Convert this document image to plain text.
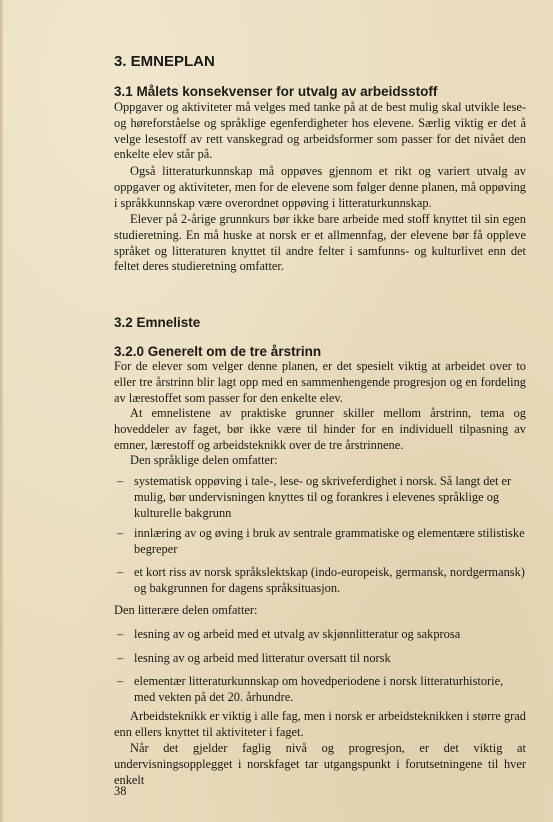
3. EMNEPLAN
3.1 Målets konsekvenser for utvalg av arbeidsstoff

Oppgaver og aktiviteter må velges med tanke på at de best mulig skal utvikle lese- og høreforståelse og språklige egenferdigheter hos elevene. Særlig viktig er det å velge lesestoff av rett vanskegrad og arbeidsformer som passer for det nivået den enkelte elev står på.

Også litteraturkunnskap må oppøves gjennom et rikt og variert utvalg av oppgaver og aktiviteter, men for de elevene som følger denne planen, må oppøving i språkkunnskap være overordnet oppøving i litteraturkunnskap.

Elever på 2-årige grunnkurs bør ikke bare arbeide med stoff knyttet til sin egen studieretning. En må huske at norsk er et allmennfag, der elevene bør få oppleve språket og litteraturen knyttet til andre felter i samfunns- og kulturlivet enn det feltet deres studieretning omfatter.

3.2 Emneliste
3.2.0 Generelt om de tre årstrinn

For de elever som velger denne planen, er det spesielt viktig at arbeidet over to eller tre årstrinn blir lagt opp med en sammenhengende progresjon og en fordeling av lærestoffet som passer for den enkelte elev.

At emnelistene av praktiske grunner skiller mellom årstrinn, tema og hoveddeler av faget, bør ikke være til hinder for en individuell tilpasning av emner, lærestoff og arbeidsteknikk over de tre årstrinnene.

Den språklige delen omfatter:

– systematisk oppøving i tale-, lese- og skriveferdighet i norsk. Så langt det er mulig, bør undervisningen knyttes til og forankres i elevenes språklige og kulturelle bakgrunn
– innlæring av og øving i bruk av sentrale grammatiske og elementære stilistiske begreper
– et kort riss av norsk språkslektskap (indo-europeisk, germansk, nordgermansk) og bakgrunnen for dagens språksituasjon.

Den litterære delen omfatter:

– lesning av og arbeid med et utvalg av skjønnlitteratur og sakprosa
– lesning av og arbeid med litteratur oversatt til norsk
– elementær litteraturkunnskap om hovedperiodene i norsk litteraturhistorie, med vekten på det 20. århundre.

Arbeidsteknikk er viktig i alle fag, men i norsk er arbeidsteknikken i større grad enn ellers knyttet til aktiviteter i faget.

Når det gjelder faglig nivå og progresjon, er det viktig at undervisningsopplegget i norskfaget tar utgangspunkt i forutsetningene til hver enkelt

38
